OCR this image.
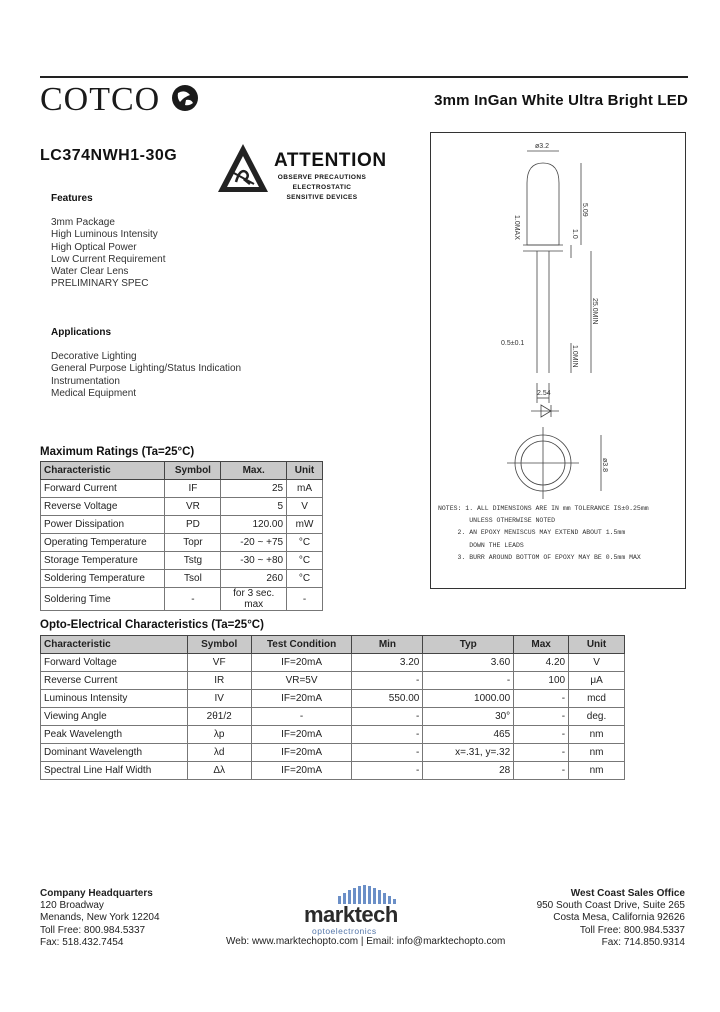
COTCO	3mm InGan White Ultra Bright LED
LC374NWH1-30G	ATTENTION
OBSERVE PRECAUTIONS
ELECTROSTATIC
SENSITIVE DEVICES
Features
3mm Package
High Luminous Intensity
High Optical Power
Low Current Requirement
Water Clear Lens
PRELIMINARY SPEC
Applications
Decorative Lighting
General Purpose Lighting/Status Indication
Instrumentation
Medical Equipment
ø3.2
5.09
1.0
1.0MAX
25.0MIN
0.5±0.1
1.0MIN
2.54
ø3.8
NOTES: 1. ALL DIMENSIONS ARE IN mm TOLERANCE IS±0.25mm
UNLESS OTHERWISE NOTED
2. AN EPOXY MENISCUS MAY EXTEND ABOUT 1.5mm
DOWN THE LEADS
3. BURR AROUND BOTTOM OF EPOXY MAY BE 0.5mm MAX
Maximum Ratings (Ta=25°C)
Characteristic	Symbol	Max.	Unit
Forward Current	IF	25	mA
Reverse Voltage	VR	5	V
Power Dissipation	PD	120.00	mW
Operating Temperature	Topr	-20 ~ +75	°C
Storage Temperature	Tstg	-30 ~ +80	°C
Soldering Temperature	Tsol	260	°C
Soldering Time	-	for 3 sec. max	-
Opto-Electrical Characteristics (Ta=25°C)
Characteristic	Symbol	Test Condition	Min	Typ	Max	Unit
Forward Voltage	VF	IF=20mA	3.20	3.60	4.20	V
Reverse Current	IR	VR=5V	-	-	100	μA
Luminous Intensity	IV	IF=20mA	550.00	1000.00	-	mcd
Viewing Angle	2θ1/2	-	-	30°	-	deg.
Peak Wavelength	λp	IF=20mA	-	465	-	nm
Dominant Wavelength	λd	IF=20mA	-	x=.31, y=.32	-	nm
Spectral Line Half Width	Δλ	IF=20mA	-	28	-	nm
Company Headquarters
120 Broadway
Menands, New York 12204
Toll Free: 800.984.5337
Fax: 518.432.7454
West Coast Sales Office
950 South Coast Drive, Suite 265
Costa Mesa, California 92626
Toll Free: 800.984.5337
Fax: 714.850.9314
marktech
optoelectronics
Web: www.marktechopto.com | Email: info@marktechopto.com
